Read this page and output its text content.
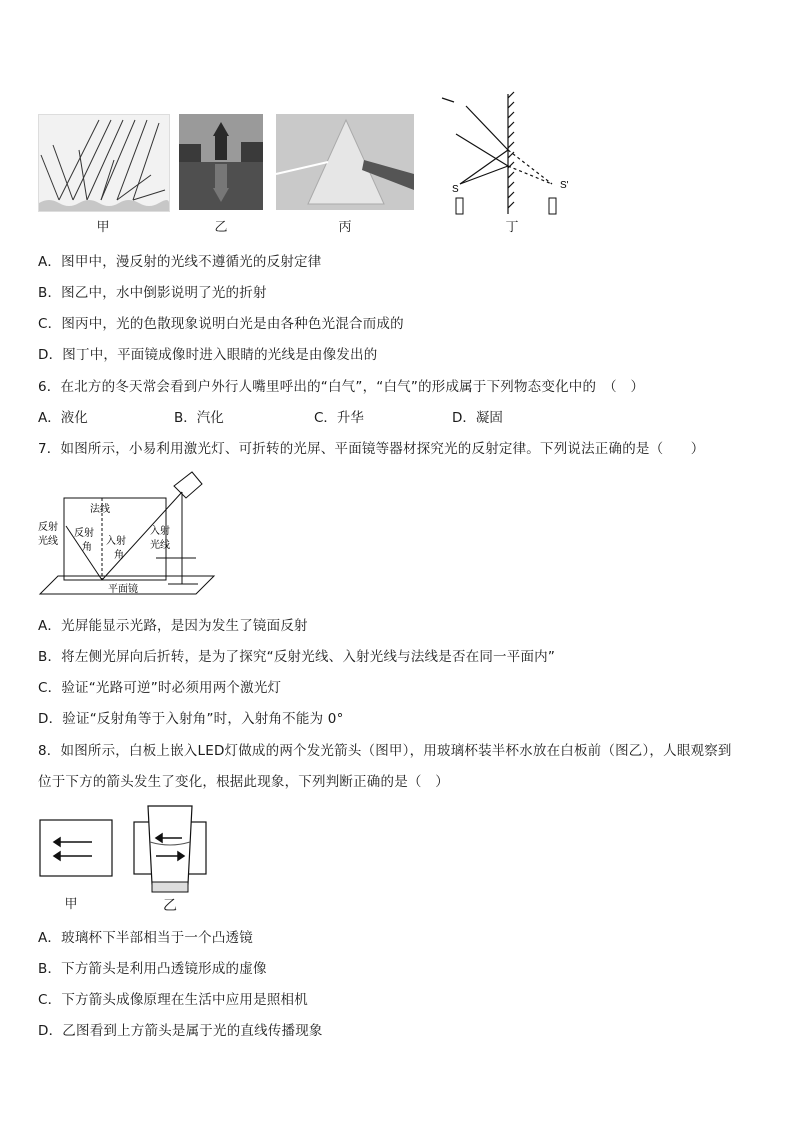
甲	乙	丙
S	S'
丁
A．图甲中，漫反射的光线不遵循光的反射定律
B．图乙中，水中倒影说明了光的折射
C．图丙中，光的色散现象说明白光是由各种色光混合而成的
D．图丁中，平面镜成像时进入眼睛的光线是由像发出的
6．在北方的冬天常会看到户外行人嘴里呼出的“白气”，“白气”的形成属于下列物态变化中的　（　）
A．液化	B．汽化	C．升华	D．凝固
7．如图所示，小易利用激光灯、可折转的光屏、平面镜等器材探究光的反射定律。下列说法正确的是（　　）
法线
反射
光线
反射
角
入射
角
入射
光线
平面镜
A．光屏能显示光路，是因为发生了镜面反射
B．将左侧光屏向后折转，是为了探究“反射光线、入射光线与法线是否在同一平面内”
C．验证“光路可逆”时必须用两个激光灯
D．验证“反射角等于入射角”时，入射角不能为 0°
8．如图所示，白板上嵌入LED灯做成的两个发光箭头（图甲），用玻璃杯装半杯水放在白板前（图乙），人眼观察到
位于下方的箭头发生了变化，根据此现象，下列判断正确的是（　）
甲	乙
A．玻璃杯下半部相当于一个凸透镜
B．下方箭头是利用凸透镜形成的虚像
C．下方箭头成像原理在生活中应用是照相机
D．乙图看到上方箭头是属于光的直线传播现象
